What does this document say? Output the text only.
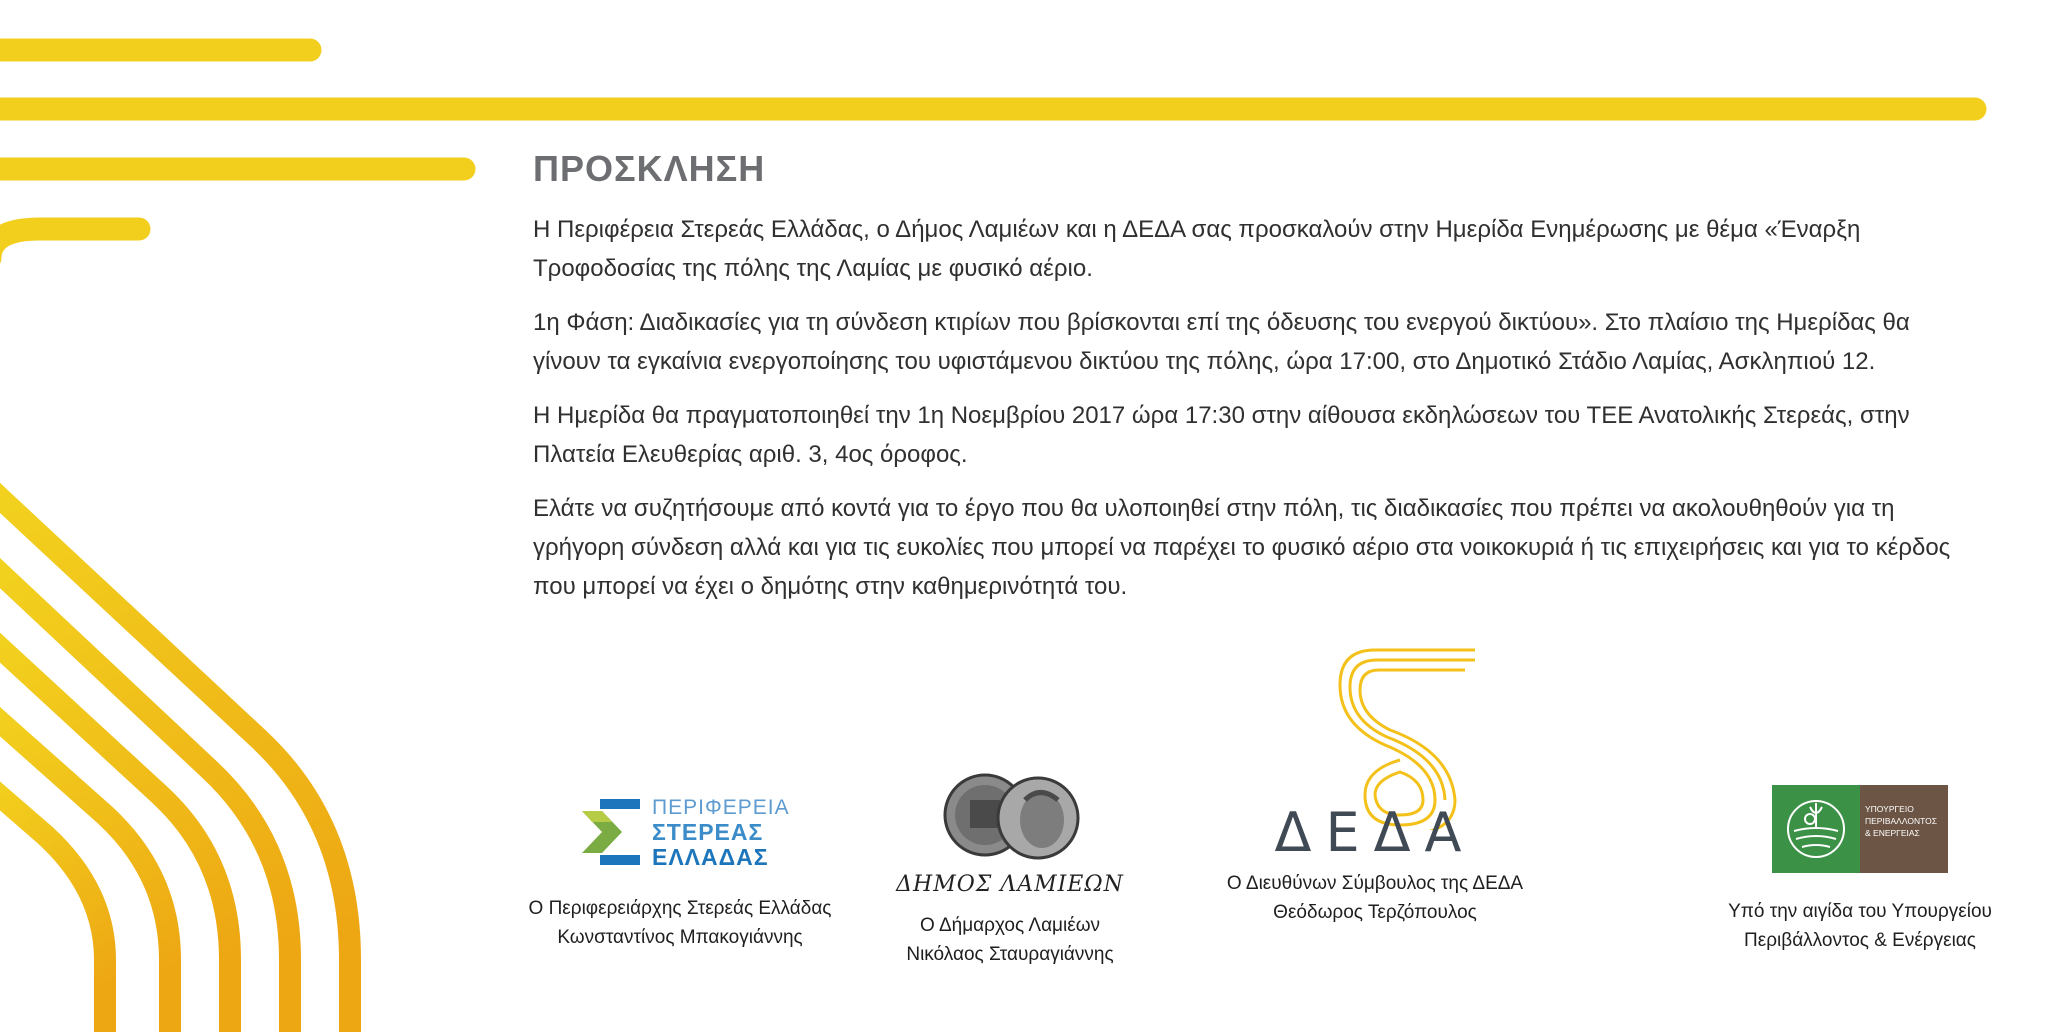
ΠΡΟΣΚΛΗΣΗ

Η Περιφέρεια Στερεάς Ελλάδας, ο Δήμος Λαμιέων και η ΔΕΔΑ σας προσκαλούν στην Ημερίδα Ενημέρωσης με θέμα «Έναρξη Τροφοδοσίας της πόλης της Λαμίας με φυσικό αέριο.

1η Φάση: Διαδικασίες για τη σύνδεση κτιρίων που βρίσκονται επί της όδευσης του ενεργού δικτύου». Στο πλαίσιο της Ημερίδας θα γίνουν τα εγκαίνια ενεργοποίησης του υφιστάμενου δικτύου της πόλης, ώρα 17:00, στο Δημοτικό Στάδιο Λαμίας, Ασκληπιού 12.

Η Ημερίδα θα πραγματοποιηθεί την 1η Νοεμβρίου 2017 ώρα 17:30 στην αίθουσα εκδηλώσεων του ΤΕΕ Ανατολικής Στερεάς, στην Πλατεία Ελευθερίας αριθ. 3, 4ος όροφος.

Ελάτε να συζητήσουμε από κοντά για το έργο που θα υλοποιηθεί στην πόλη, τις διαδικασίες που πρέπει να ακολουθηθούν για τη γρήγορη σύνδεση αλλά και για τις ευκολίες που μπορεί να παρέχει το φυσικό αέριο στα νοικοκυριά ή τις επιχειρήσεις και για το κέρδος που μπορεί να έχει ο δημότης στην καθημερινότητά του.

ΠΕΡΙΦΕΡΕΙΑ
ΣΤΕΡΕΑΣ
ΕΛΛΑΔΑΣ
Ο Περιφερειάρχης Στερεάς Ελλάδας
Κωνσταντίνος Μπακογιάννης
ΔΗΜΟΣ ΛΑΜΙΕΩΝ
Ο Δήμαρχος Λαμιέων
Νικόλαος Σταυραγιάννης
ΔΕΔΑ
Ο Διευθύνων Σύμβουλος της ΔΕΔΑ
Θεόδωρος Τερζόπουλος
ΥΠΟΥΡΓΕΙΟ
ΠΕΡΙΒΑΛΛΟΝΤΟΣ
& ΕΝΕΡΓΕΙΑΣ
Υπό την αιγίδα του Υπουργείου
Περιβάλλοντος & Ενέργειας
